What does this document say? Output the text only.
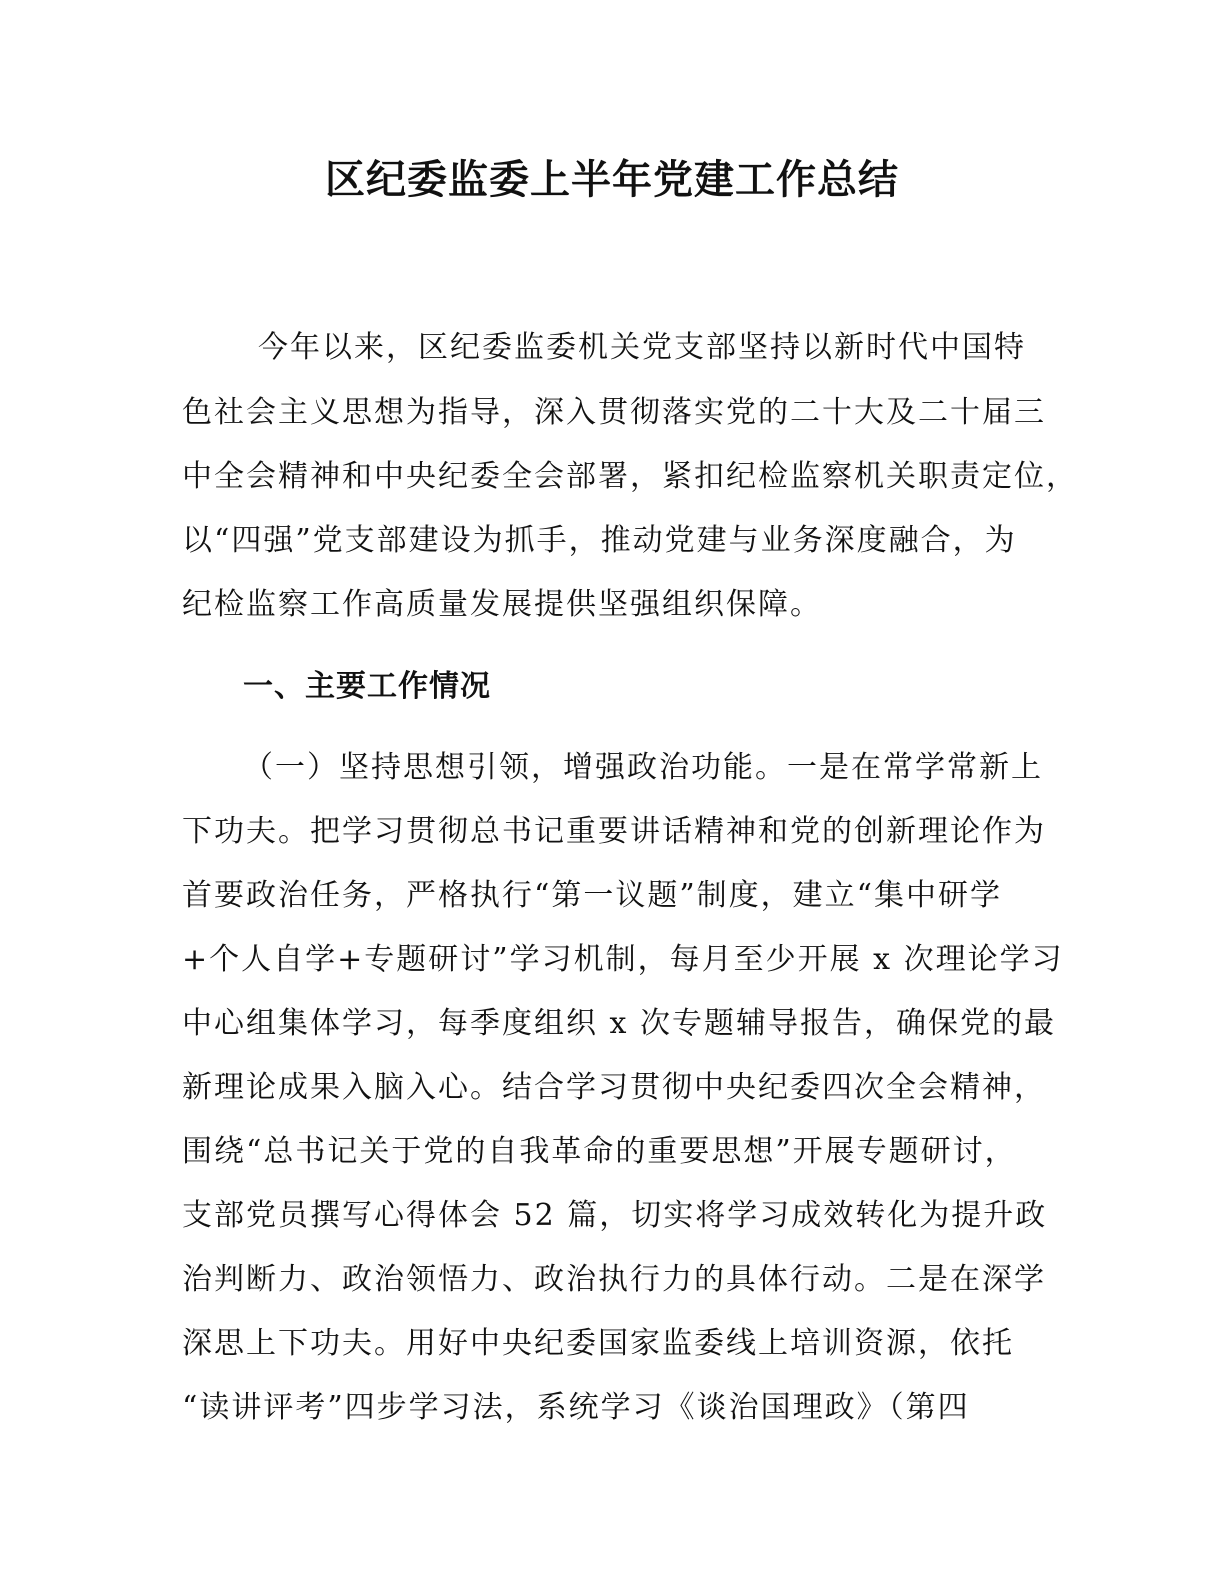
区纪委监委上半年党建工作总结
今年以来，区纪委监委机关党支部坚持以新时代中国特
色社会主义思想为指导，深入贯彻落实党的二十大及二十届三
中全会精神和中央纪委全会部署，紧扣纪检监察机关职责定位，
以“四强”党支部建设为抓手，推动党建与业务深度融合，为
纪检监察工作高质量发展提供坚强组织保障。
一、主要工作情况
（一）坚持思想引领，增强政治功能。一是在常学常新上
下功夫。把学习贯彻总书记重要讲话精神和党的创新理论作为
首要政治任务，严格执行“第一议题”制度，建立“集中研学
+个人自学+专题研讨”学习机制，每月至少开展 x 次理论学习
中心组集体学习，每季度组织 x 次专题辅导报告，确保党的最
新理论成果入脑入心。结合学习贯彻中央纪委四次全会精神，
围绕“总书记关于党的自我革命的重要思想”开展专题研讨，
支部党员撰写心得体会 52 篇，切实将学习成效转化为提升政
治判断力、政治领悟力、政治执行力的具体行动。二是在深学
深思上下功夫。用好中央纪委国家监委线上培训资源，依托
“读讲评考”四步学习法，系统学习《谈治国理政》（第四
